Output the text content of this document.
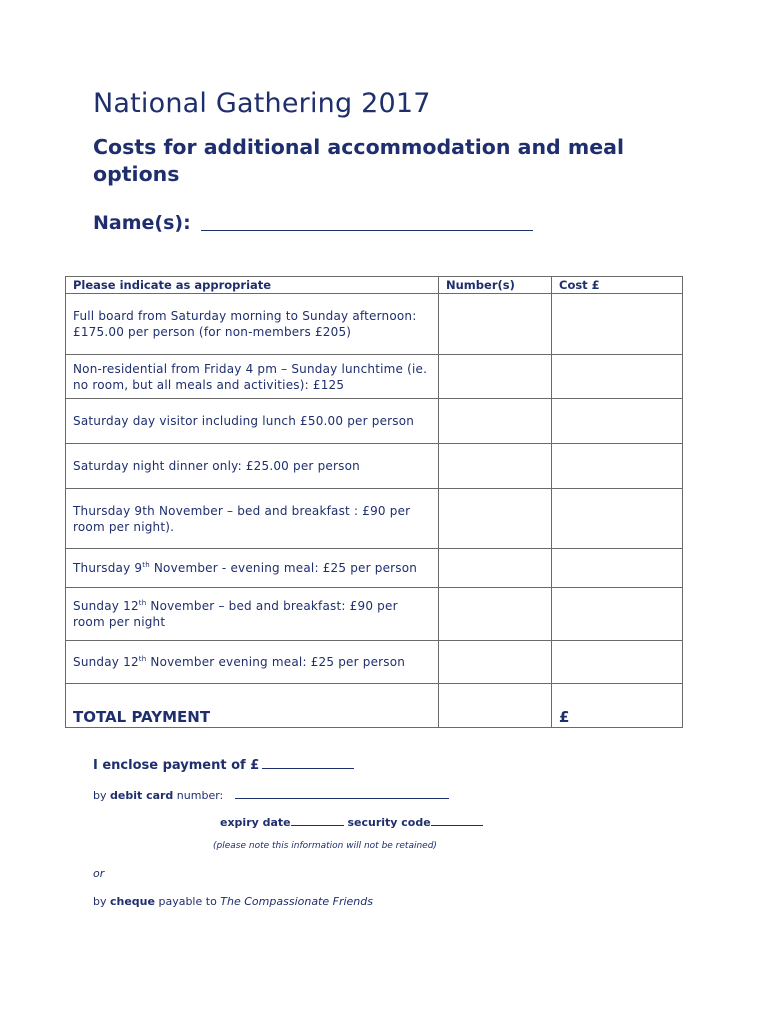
National Gathering 2017
Costs for additional accommodation and meal options
Name(s):
Please indicate as appropriate	Number(s)	Cost £
Full board from Saturday morning to Sunday afternoon:
£175.00 per person (for non-members £205)		
Non-residential from Friday 4 pm – Sunday lunchtime (ie.
no room, but all meals and activities): £125		
Saturday day visitor including lunch £50.00 per person		
Saturday night dinner only: £25.00 per person		
Thursday 9th November – bed and breakfast : £90 per
room per night).		
Thursday 9th November - evening meal: £25 per person		
Sunday 12th November – bed and breakfast: £90 per
room per night		
Sunday 12th November evening meal: £25 per person		
TOTAL PAYMENT		£
I enclose payment of £
by debit card number:
expiry date	security code
(please note this information will not be retained)
or
by cheque payable to The Compassionate Friends
